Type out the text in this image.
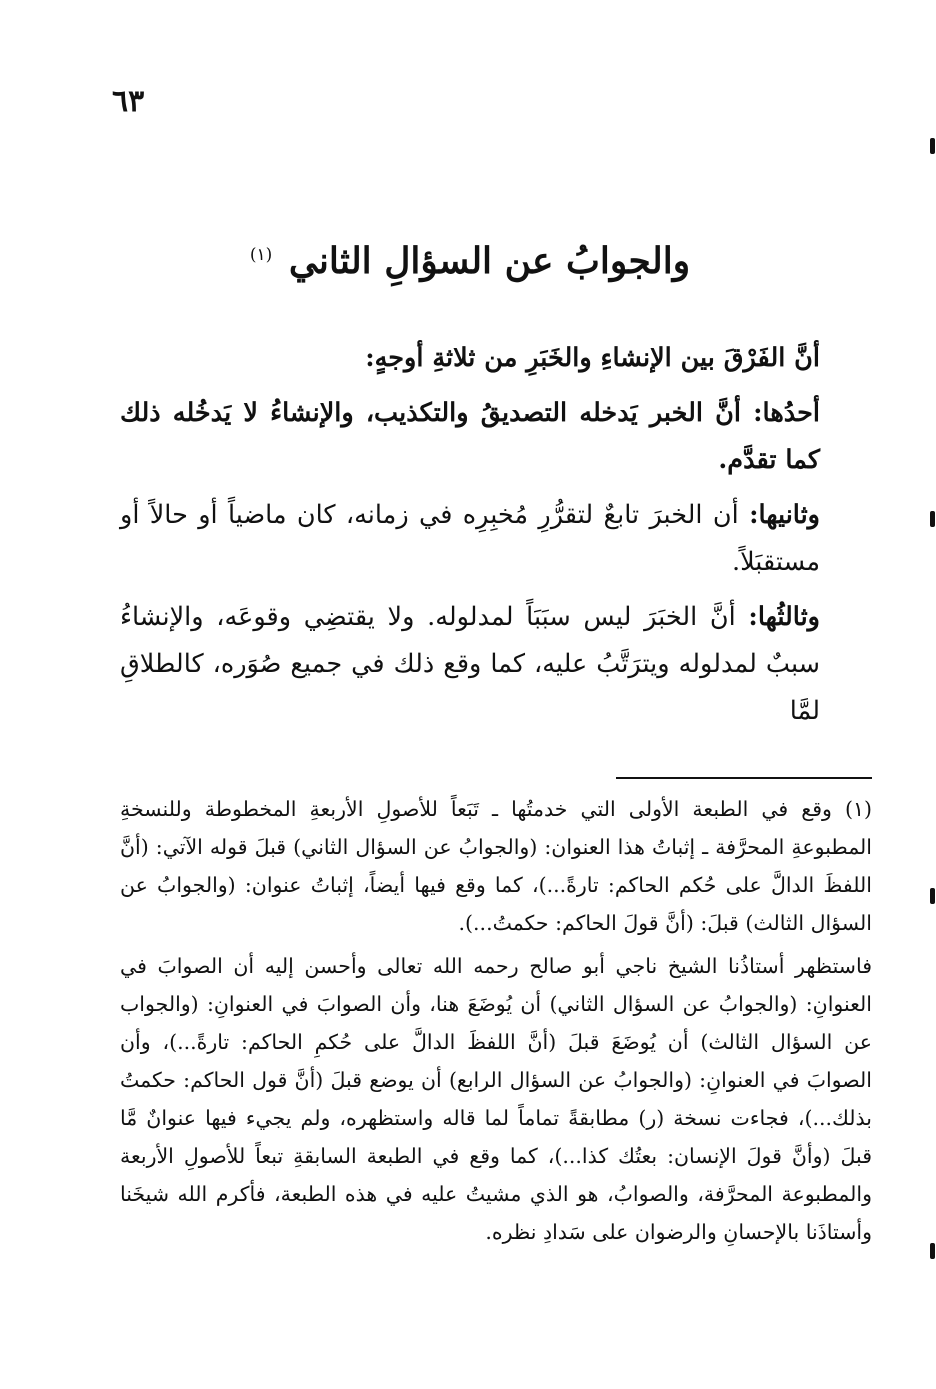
٦٣
والجوابُ عن السؤالِ الثاني $^{(١)}$

أنَّ الفَرْقَ بين الإنشاءِ والخَبَرِ من ثلاثةِ أوجهٍ:

أحدُها: أنَّ الخبر يَدخله التصديقُ والتكذيب، والإنشاءُ لا يَدخُله ذلك كما تقدَّم.

وثانيها: أن الخبرَ تابعٌ لتقرُّرِ مُخبِرِه في زمانه، كان ماضياً أو حالاً أو مستقبَلاً.

وثالثُها: أنَّ الخبَرَ ليس سبَبَاً لمدلوله. ولا يقتضِي وقوعَه، والإنشاءُ سببٌ لمدلوله ويترَتَّبُ عليه، كما وقع ذلك في جميع صُوَره، كالطلاقِ لمَّا

(١) وقع في الطبعة الأولى التي خدمتُها ـ تَبَعاً للأصولِ الأربعةِ المخطوطة وللنسخةِ المطبوعةِ المحرَّفة ـ إثباتُ هذا العنوان: (والجوابُ عن السؤال الثاني) قبلَ قوله الآتي: (أنَّ اللفظَ الدالَّ على حُكم الحاكم: تارةً...)، كما وقع فيها أيضاً، إثباتُ عنوان: (والجوابُ عن السؤال الثالث) قبلَ: (أنَّ قولَ الحاكم: حكمتُ...).

فاستظهر أستاذُنا الشيخ ناجي أبو صالح رحمه الله تعالى وأحسن إليه أن الصوابَ في العنوانِ: (والجوابُ عن السؤال الثاني) أن يُوضَعَ هنا، وأن الصوابَ في العنوانِ: (والجواب عن السؤال الثالث) أن يُوضَعَ قبلَ (أنَّ اللفظَ الدالَّ على حُكمِ الحاكم: تارةً...)، وأن الصوابَ في العنوانِ: (والجوابُ عن السؤال الرابع) أن يوضع قبلَ (أنَّ قول الحاكم: حكمتُ بذلك...)، فجاءت نسخة (ر) مطابقةً تماماً لما قاله واستظهره، ولم يجيء فيها عنوانٌ مَّا قبلَ (وأنَّ قولَ الإنسان: بعتُك كذا...)، كما وقع في الطبعة السابقةِ تبعاً للأصولِ الأربعة والمطبوعة المحرَّفة، والصوابُ، هو الذي مشيتُ عليه في هذه الطبعة، فأكرم الله شيخَنا وأستاذَنا بالإحسانِ والرضوان على سَدادِ نظره.
